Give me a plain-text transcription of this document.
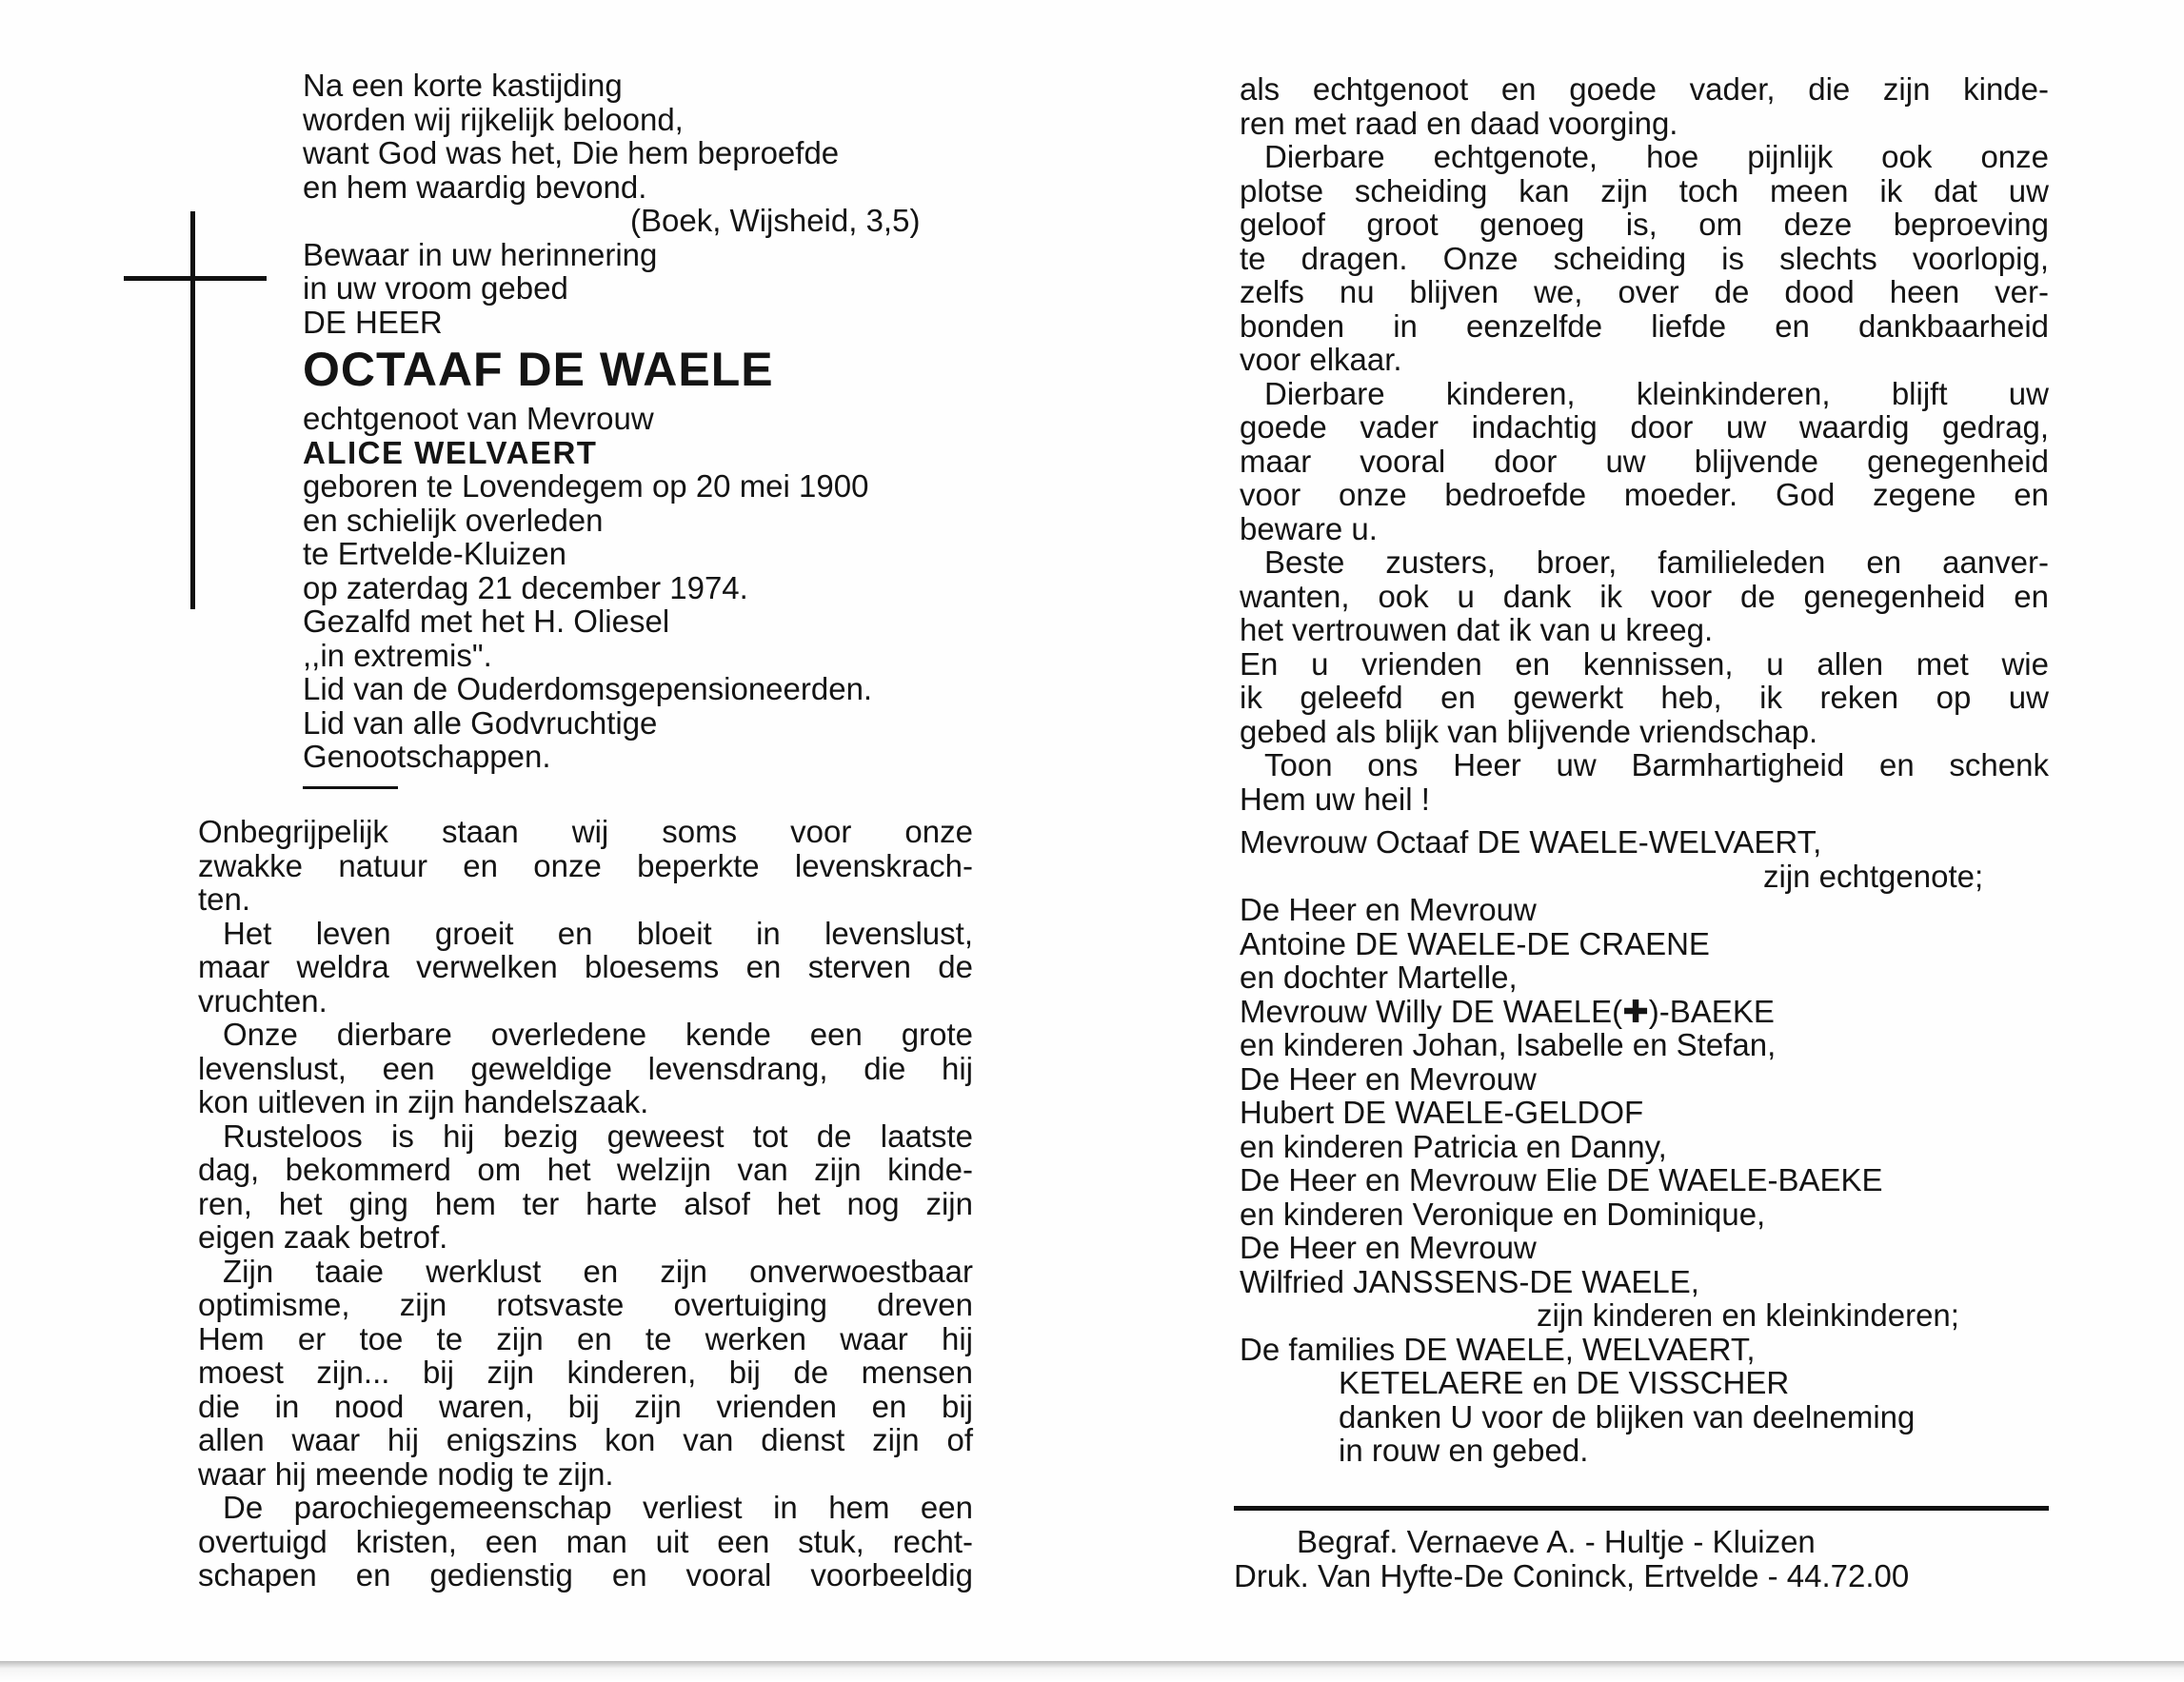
Na een korte kastijding

worden wij rijkelijk beloond,

want God was het, Die hem beproefde

en hem waardig bevond.

(Boek, Wijsheid, 3,5)

Bewaar in uw herinnering

in uw vroom gebed

DE HEER

OCTAAF DE WAELE

echtgenoot van Mevrouw

ALICE WELVAERT

geboren te Lovendegem op 20 mei 1900

en schielijk overleden

te Ertvelde-Kluizen

op zaterdag 21 december 1974.

Gezalfd met het H. Oliesel

,,in extremis".

Lid van de Ouderdomsgepensioneerden.

Lid van alle Godvruchtige

Genootschappen.

Onbegrijpelijk staan wij soms voor onze

zwakke natuur en onze beperkte levenskrach-

ten.

Het leven groeit en bloeit in levenslust,

maar weldra verwelken bloesems en sterven de

vruchten.

Onze dierbare overledene kende een grote

levenslust, een geweldige levensdrang, die hij

kon uitleven in zijn handelszaak.

Rusteloos is hij bezig geweest tot de laatste

dag, bekommerd om het welzijn van zijn kinde-

ren, het ging hem ter harte alsof het nog zijn

eigen zaak betrof.

Zijn taaie werklust en zijn onverwoestbaar

optimisme, zijn rotsvaste overtuiging dreven

Hem er toe te zijn en te werken waar hij

moest zijn... bij zijn kinderen, bij de mensen

die in nood waren, bij zijn vrienden en bij

allen waar hij enigszins kon van dienst zijn of

waar hij meende nodig te zijn.

De parochiegemeenschap verliest in hem een

overtuigd kristen, een man uit een stuk, recht-

schapen en gedienstig en vooral voorbeeldig

als echtgenoot en goede vader, die zijn kinde-

ren met raad en daad voorging.

Dierbare echtgenote, hoe pijnlijk ook onze

plotse scheiding kan zijn toch meen ik dat uw

geloof groot genoeg is, om deze beproeving

te dragen. Onze scheiding is slechts voorlopig,

zelfs nu blijven we, over de dood heen ver-

bonden in eenzelfde liefde en dankbaarheid

voor elkaar.

Dierbare kinderen, kleinkinderen, blijft uw

goede vader indachtig door uw waardig gedrag,

maar vooral door uw blijvende genegenheid

voor onze bedroefde moeder. God zegene en

beware u.

Beste zusters, broer, familieleden en aanver-

wanten, ook u dank ik voor de genegenheid en

het vertrouwen dat ik van u kreeg.

En u vrienden en kennissen, u allen met wie

ik geleefd en gewerkt heb, ik reken op uw

gebed als blijk van blijvende vriendschap.

Toon ons Heer uw Barmhartigheid en schenk

Hem uw heil !

Mevrouw Octaaf DE WAELE-WELVAERT,

zijn echtgenote;

De Heer en Mevrouw

Antoine DE WAELE-DE CRAENE

en dochter Martelle,

Mevrouw Willy DE WAELE(✚)-BAEKE

en kinderen Johan, Isabelle en Stefan,

De Heer en Mevrouw

Hubert DE WAELE-GELDOF

en kinderen Patricia en Danny,

De Heer en Mevrouw Elie DE WAELE-BAEKE

en kinderen Veronique en Dominique,

De Heer en Mevrouw

Wilfried JANSSENS-DE WAELE,

zijn kinderen en kleinkinderen;

De families DE WAELE, WELVAERT,

KETELAERE en DE VISSCHER

danken U voor de blijken van deelneming

in rouw en gebed.

Begraf. Vernaeve A. - Hultje - Kluizen

Druk. Van Hyfte-De Coninck, Ertvelde - 44.72.00
